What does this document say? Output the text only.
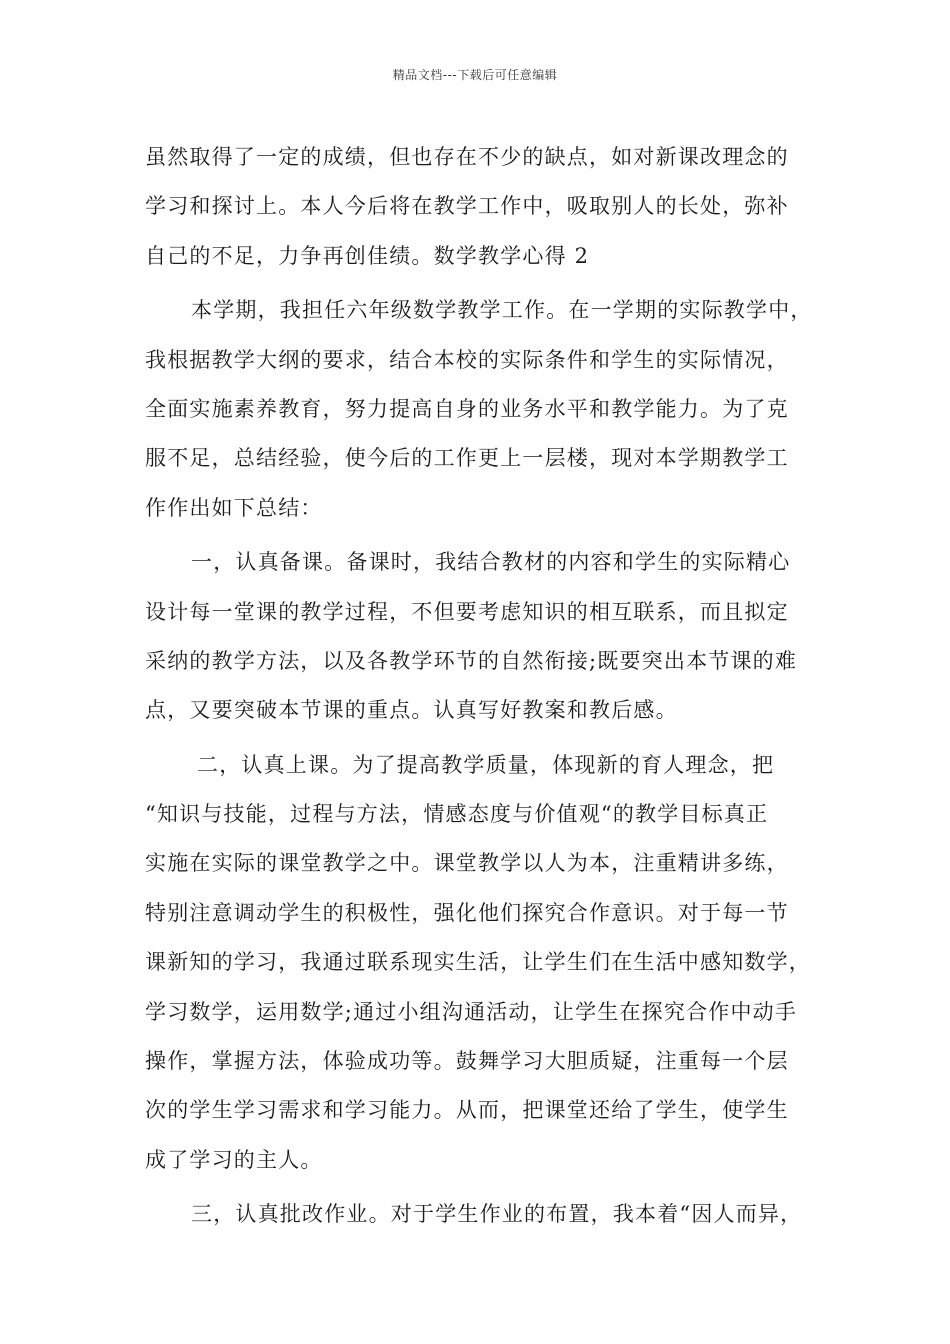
精品文档---下载后可任意编辑
虽然取得了一定的成绩，但也存在不少的缺点，如对新课改理念的
学习和探讨上。本人今后将在教学工作中，吸取别人的长处，弥补
自己的不足，力争再创佳绩。数学教学心得 2
本学期，我担任六年级数学教学工作。在一学期的实际教学中，
我根据教学大纲的要求，结合本校的实际条件和学生的实际情况，
全面实施素养教育，努力提高自身的业务水平和教学能力。为了克
服不足，总结经验，使今后的工作更上一层楼，现对本学期教学工
作作出如下总结：
一，认真备课。备课时，我结合教材的内容和学生的实际精心
设计每一堂课的教学过程，不但要考虑知识的相互联系，而且拟定
采纳的教学方法，以及各教学环节的自然衔接;既要突出本节课的难
点，又要突破本节课的重点。认真写好教案和教后感。
二，认真上课。为了提高教学质量，体现新的育人理念，把
“知识与技能，过程与方法，情感态度与价值观“的教学目标真正
实施在实际的课堂教学之中。课堂教学以人为本，注重精讲多练，
特别注意调动学生的积极性，强化他们探究合作意识。对于每一节
课新知的学习，我通过联系现实生活，让学生们在生活中感知数学，
学习数学，运用数学;通过小组沟通活动，让学生在探究合作中动手
操作，掌握方法，体验成功等。鼓舞学习大胆质疑，注重每一个层
次的学生学习需求和学习能力。从而，把课堂还给了学生，使学生
成了学习的主人。
三，认真批改作业。对于学生作业的布置，我本着“因人而异，
